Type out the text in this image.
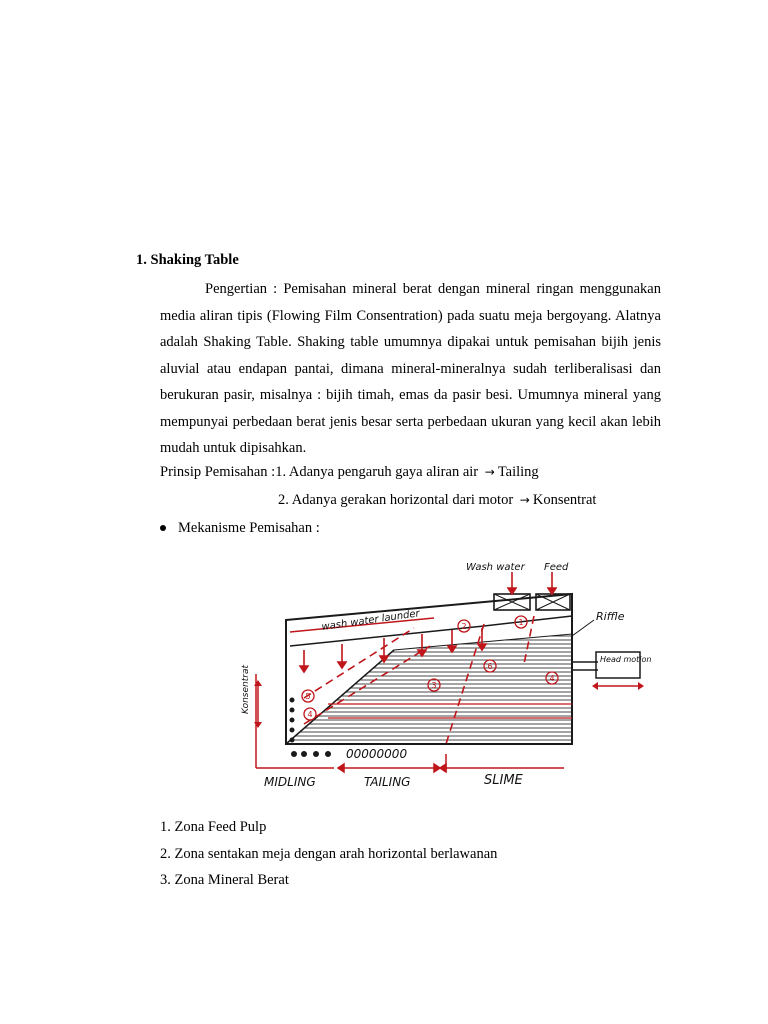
1. Shaking Table
Pengertian : Pemisahan mineral berat dengan mineral ringan menggunakan media aliran tipis (Flowing Film Consentration) pada suatu meja bergoyang. Alatnya adalah Shaking Table. Shaking table umumnya dipakai untuk pemisahan bijih jenis aluvial atau endapan pantai, dimana mineral-mineralnya sudah terliberalisasi dan berukuran pasir, misalnya : bijih timah, emas da pasir besi. Umumnya mineral yang mempunyai perbedaan berat jenis besar serta perbedaan ukuran yang kecil akan lebih mudah untuk dipisahkan.
Prinsip Pemisahan :1. Adanya pengaruh gaya aliran air → Tailing
2. Adanya gerakan horizontal dari motor → Konsentrat
Mekanisme Pemisahan :
1
2
3
6
4
5
4
00000000
Head motion
Riffle
Wash water Feed
wash water launder
Konsentrat
MIDLING	TAILING	SLIME
1. Zona Feed Pulp
2. Zona sentakan meja dengan arah horizontal berlawanan
3. Zona Mineral Berat
